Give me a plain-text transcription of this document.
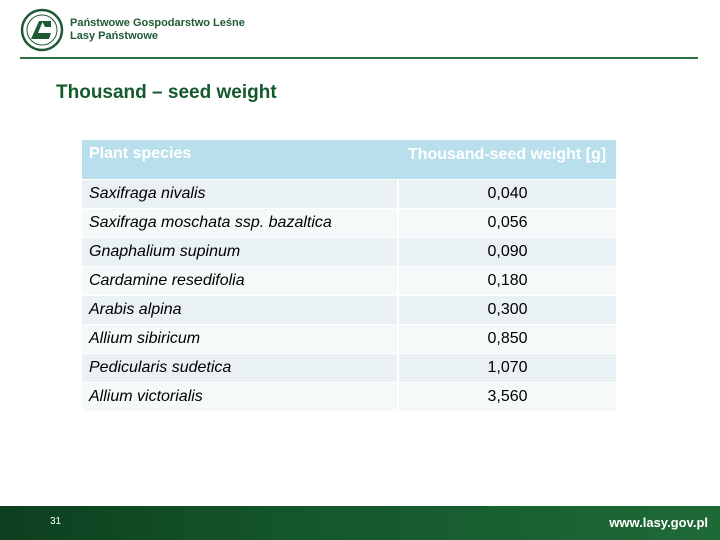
Państwowe Gospodarstwo Leśne
Lasy Państwowe
Thousand – seed weight
Plant species	Thousand-seed weight [g]
Saxifraga nivalis	0,040
Saxifraga moschata ssp. bazaltica	0,056
Gnaphalium supinum	0,090
Cardamine resedifolia	0,180
Arabis alpina	0,300
Allium sibiricum	0,850
Pedicularis sudetica	1,070
Allium victorialis	3,560
31	www.lasy.gov.pl
